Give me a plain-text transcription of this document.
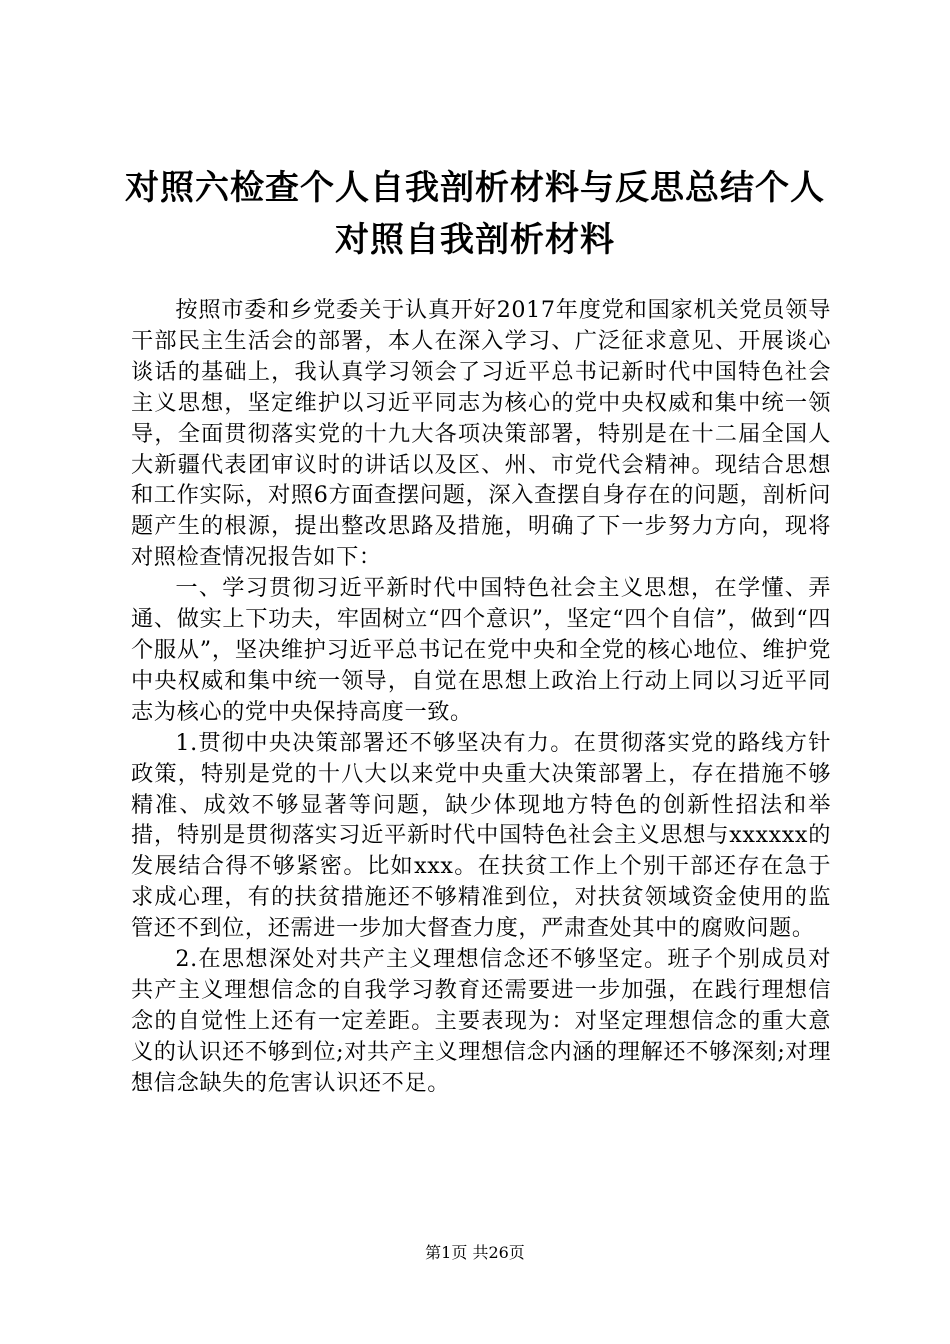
对照六检查个人自我剖析材料与反思总结个人
对照自我剖析材料

按照市委和乡党委关于认真开好2017年度党和国家机关党员领导干部民主生活会的部署，本人在深入学习、广泛征求意见、开展谈心谈话的基础上，我认真学习领会了习近平总书记新时代中国特色社会主义思想，坚定维护以习近平同志为核心的党中央权威和集中统一领导，全面贯彻落实党的十九大各项决策部署，特别是在十二届全国人大新疆代表团审议时的讲话以及区、州、市党代会精神。现结合思想和工作实际，对照6方面查摆问题，深入查摆自身存在的问题，剖析问题产生的根源，提出整改思路及措施，明确了下一步努力方向，现将对照检查情况报告如下：

一、学习贯彻习近平新时代中国特色社会主义思想，在学懂、弄通、做实上下功夫，牢固树立“四个意识”，坚定“四个自信”，做到“四个服从”，坚决维护习近平总书记在党中央和全党的核心地位、维护党中央权威和集中统一领导，自觉在思想上政治上行动上同以习近平同志为核心的党中央保持高度一致。

1.贯彻中央决策部署还不够坚决有力。在贯彻落实党的路线方针政策，特别是党的十八大以来党中央重大决策部署上，存在措施不够精准、成效不够显著等问题，缺少体现地方特色的创新性招法和举措，特别是贯彻落实习近平新时代中国特色社会主义思想与xxxxxx的发展结合得不够紧密。比如xxx。在扶贫工作上个别干部还存在急于求成心理，有的扶贫措施还不够精准到位，对扶贫领域资金使用的监管还不到位，还需进一步加大督查力度，严肃查处其中的腐败问题。

2.在思想深处对共产主义理想信念还不够坚定。班子个别成员对共产主义理想信念的自我学习教育还需要进一步加强，在践行理想信念的自觉性上还有一定差距。主要表现为：对坚定理想信念的重大意义的认识还不够到位;对共产主义理想信念内涵的理解还不够深刻;对理想信念缺失的危害认识还不足。

第1页 共26页
